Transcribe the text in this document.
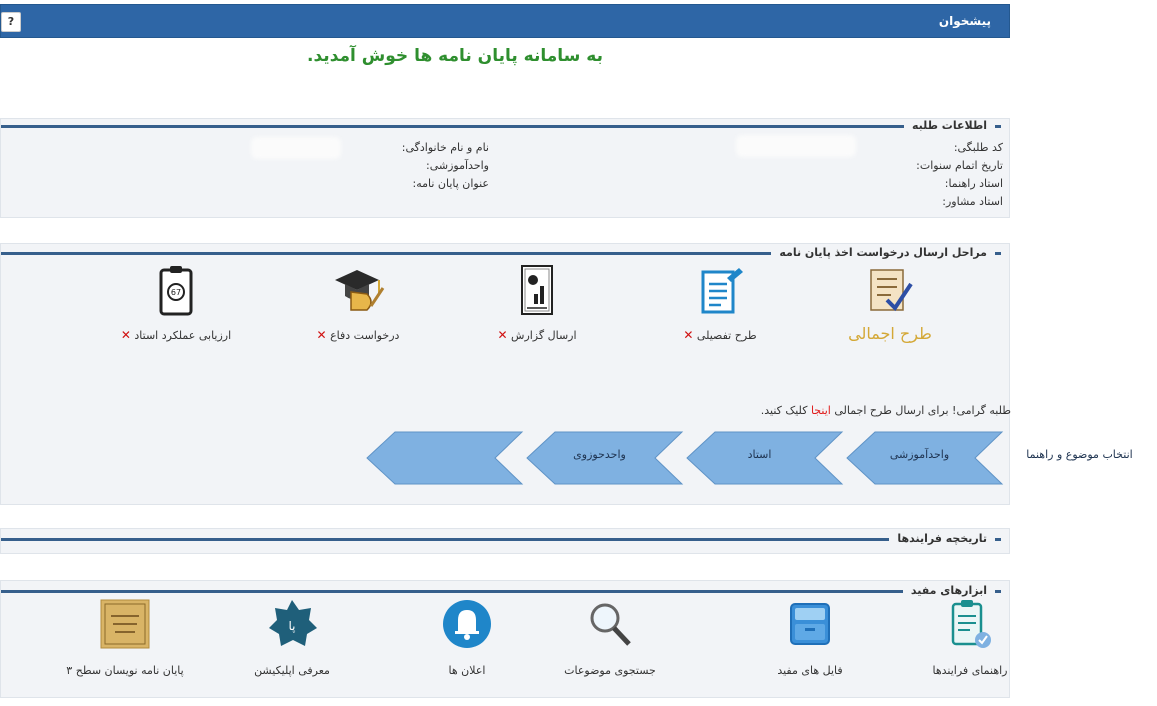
?	پیشخوان
به سامانه پایان نامه ها خوش آمدید.
اطلاعات طلبه
کد طلبگی:
تاریخ اتمام سنوات:
استاد راهنما:
استاد مشاور:
نام و نام خانوادگی:
واحدآموزشی:
عنوان پایان نامه:
مراحل ارسال درخواست اخذ پایان نامه
طرح اجمالی
طرح تفصیلی ✕
ارسال گزارش ✕
درخواست دفاع ✕
67
ارزیابی عملکرد استاد ✕
طلبه گرامی! برای ارسال طرح اجمالی اینجا کلیک کنید.
انتخاب موضوع و راهنما
واحدآموزشی
استاد
واحدحوزوی
تاریخچه فرایندها
ابزارهای مفید
راهنمای فرایندها
فایل های مفید
جستجوی موضوعات
اعلان ها
پا
معرفی اپلیکیشن
پایان نامه نویسان سطح ۳
